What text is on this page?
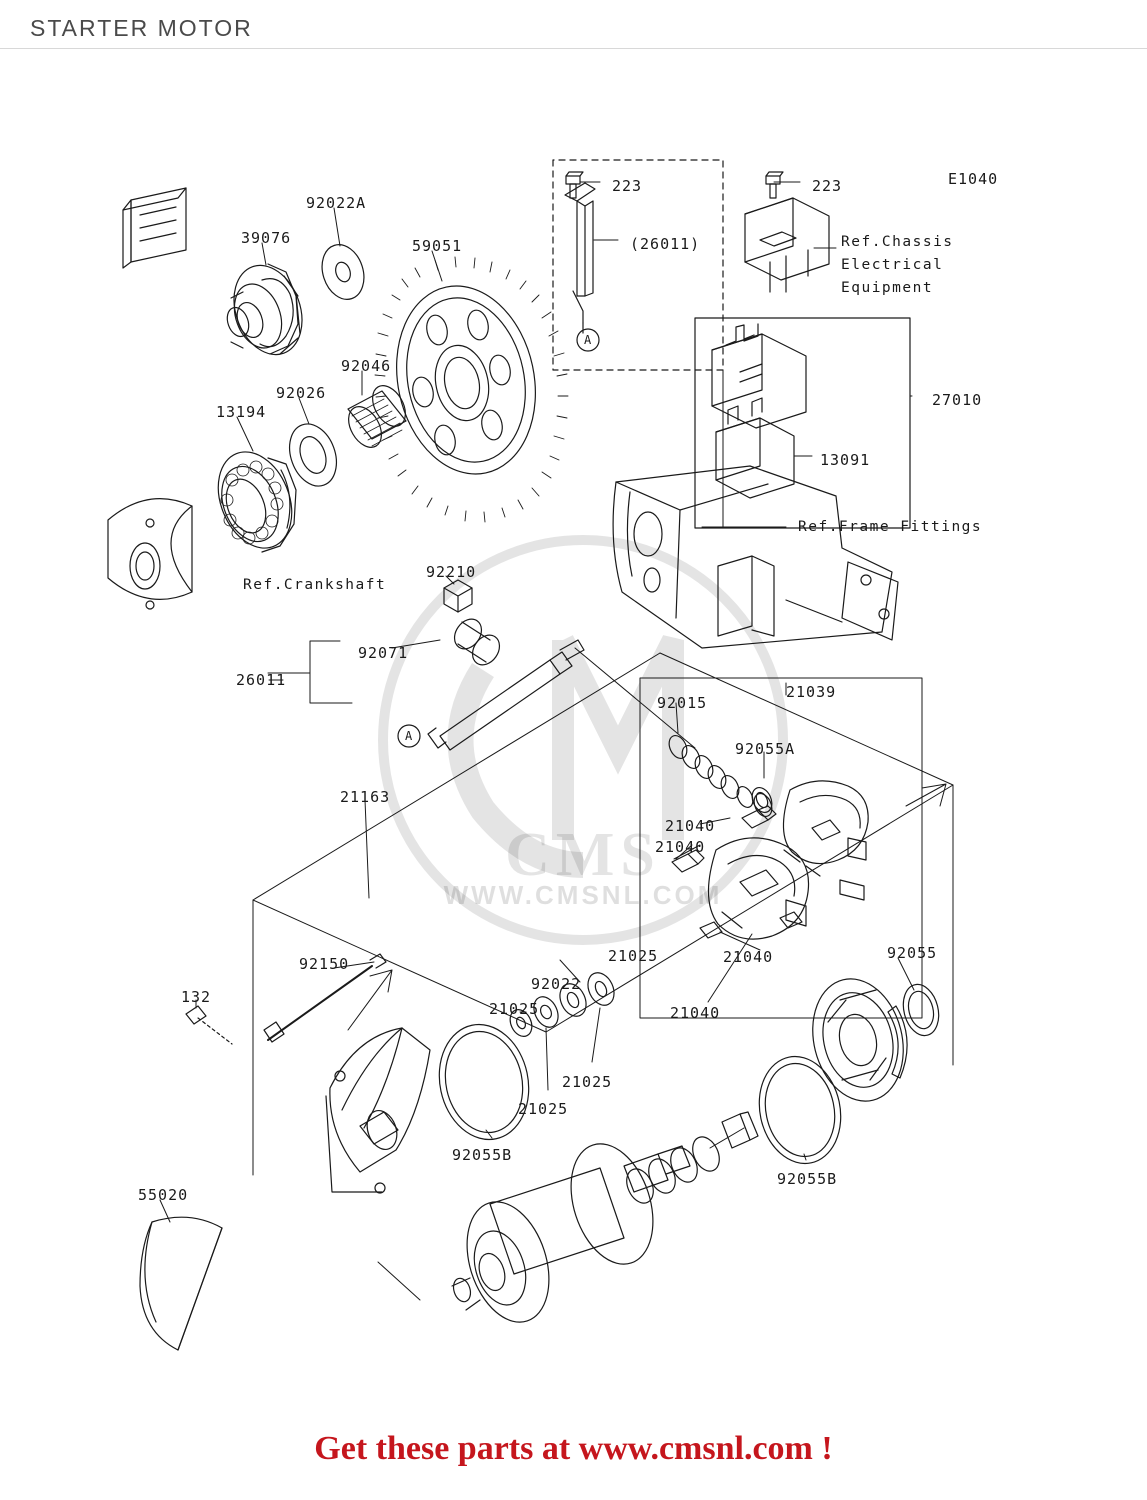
STARTER MOTOR
CMS
WWW.CMSNL.COM
E1040
Ref.Crankshaft
Ref.Chassis
Electrical
Equipment
Ref.Frame Fittings
A
A
39076
92022A
59051
92046
92026
13194
223	223
(26011)
27010
13091
92210
92071
26011
92015
21039
92055A
21040
21040
21163
21025
92022
21025
21040
21040
92055
92150
132
21025
21025
92055B
92055B
55020
Get these parts at www.cmsnl.com !
